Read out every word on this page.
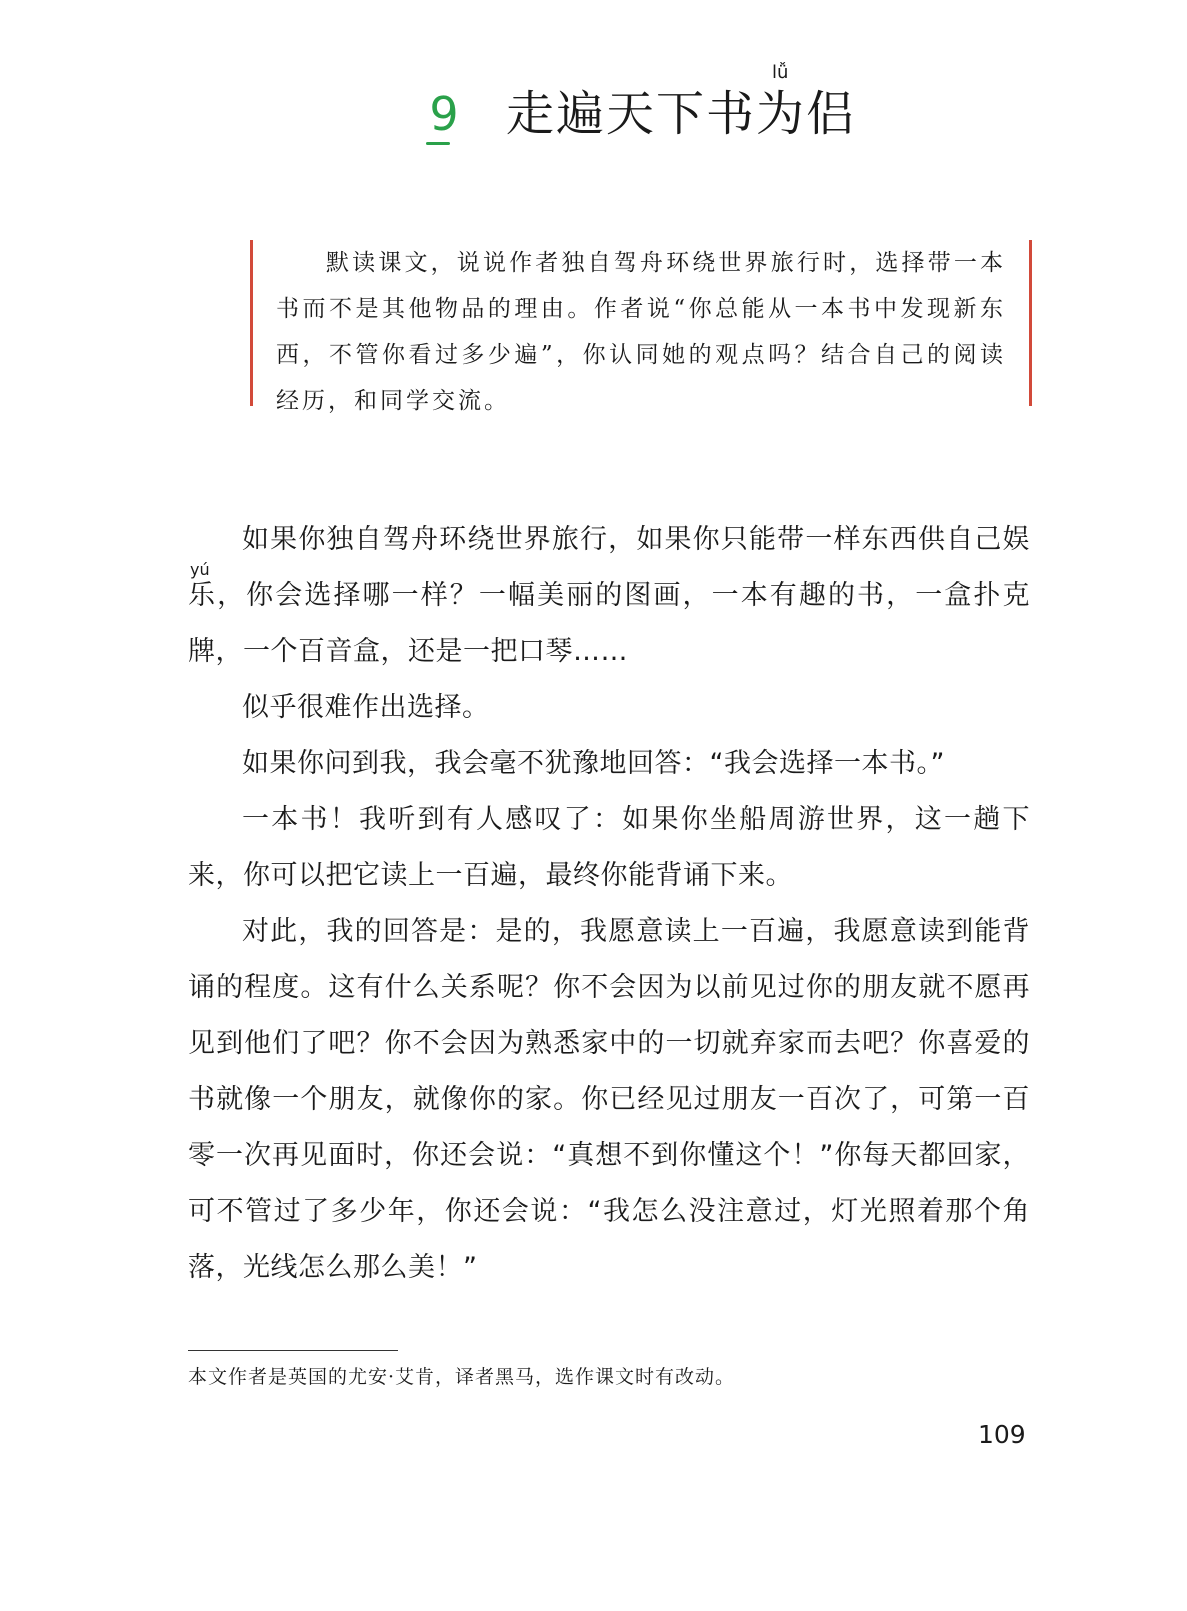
9
lǚ
走遍天下书为侣

默读课文，说说作者独自驾舟环绕世界旅行时，选择带一本书而不是其他物品的理由。作者说“你总能从一本书中发现新东西，不管你看过多少遍”，你认同她的观点吗？结合自己的阅读经历，和同学交流。

yú

如果你独自驾舟环绕世界旅行，如果你只能带一样东西供自己娱乐，你会选择哪一样？一幅美丽的图画，一本有趣的书，一盒扑克牌，一个百音盒，还是一把口琴……

似乎很难作出选择。

如果你问到我，我会毫不犹豫地回答：“我会选择一本书。”

一本书！我听到有人感叹了：如果你坐船周游世界，这一趟下来，你可以把它读上一百遍，最终你能背诵下来。

对此，我的回答是：是的，我愿意读上一百遍，我愿意读到能背诵的程度。这有什么关系呢？你不会因为以前见过你的朋友就不愿再见到他们了吧？你不会因为熟悉家中的一切就弃家而去吧？你喜爱的书就像一个朋友，就像你的家。你已经见过朋友一百次了，可第一百零一次再见面时，你还会说：“真想不到你懂这个！”你每天都回家，可不管过了多少年，你还会说：“我怎么没注意过，灯光照着那个角落，光线怎么那么美！”

本文作者是英国的尤安·艾肯，译者黑马，选作课文时有改动。
109
